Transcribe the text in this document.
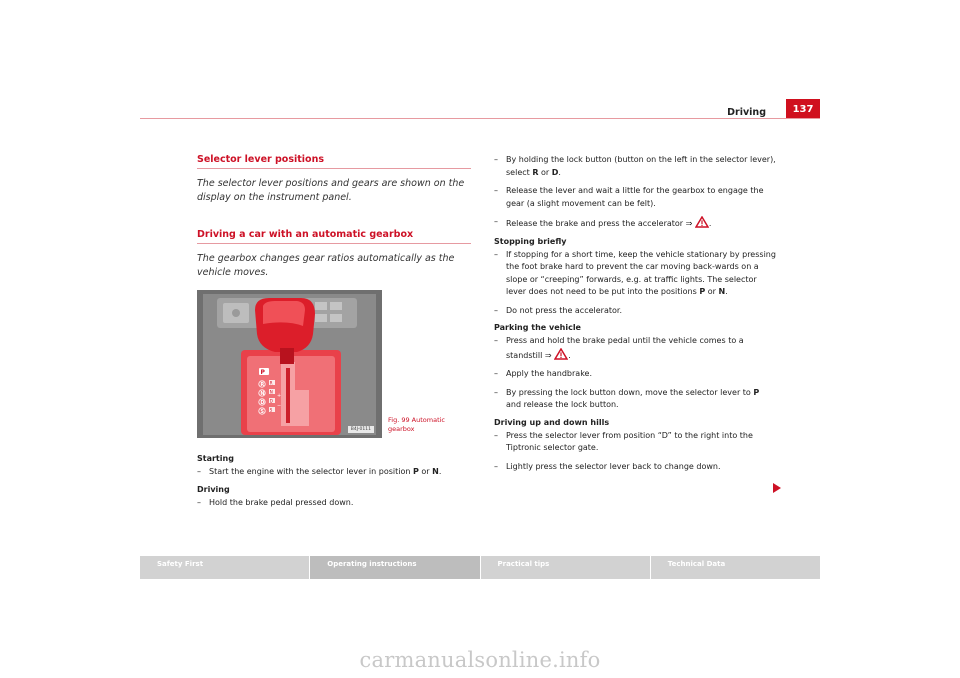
Driving	137
Selector lever positions
The selector lever positions and gears are shown on the display on the instrument panel.
Driving a car with an automatic gearbox
The gearbox changes gear ratios automatically as the vehicle moves.
P
R
N
D
S
R
N
D
S
+
−
B4J-0111
Fig. 99 Automatic
gearbox
Starting
– Start the engine with the selector lever in position P or N.
Driving
– Hold the brake pedal pressed down.
– By holding the lock button (button on the left in the selector lever), select R or D.
– Release the lever and wait a little for the gearbox to engage the gear (a slight movement can be felt).
– Release the brake and press the accelerator ⇒ .
Stopping briefly
– If stopping for a short time, keep the vehicle stationary by pressing the foot brake hard to prevent the car moving back-wards on a slope or “creeping” forwards, e.g. at traffic lights. The selector lever does not need to be put into the positions P or N.
– Do not press the accelerator.
Parking the vehicle
– Press and hold the brake pedal until the vehicle comes to a standstill ⇒ .
– Apply the handbrake.
– By pressing the lock button down, move the selector lever to P and release the lock button.
Driving up and down hills
– Press the selector lever from position “D” to the right into the Tiptronic selector gate.
– Lightly press the selector lever back to change down.
Safety First	Operating instructions	Practical tips	Technical Data
carmanualsonline.info
